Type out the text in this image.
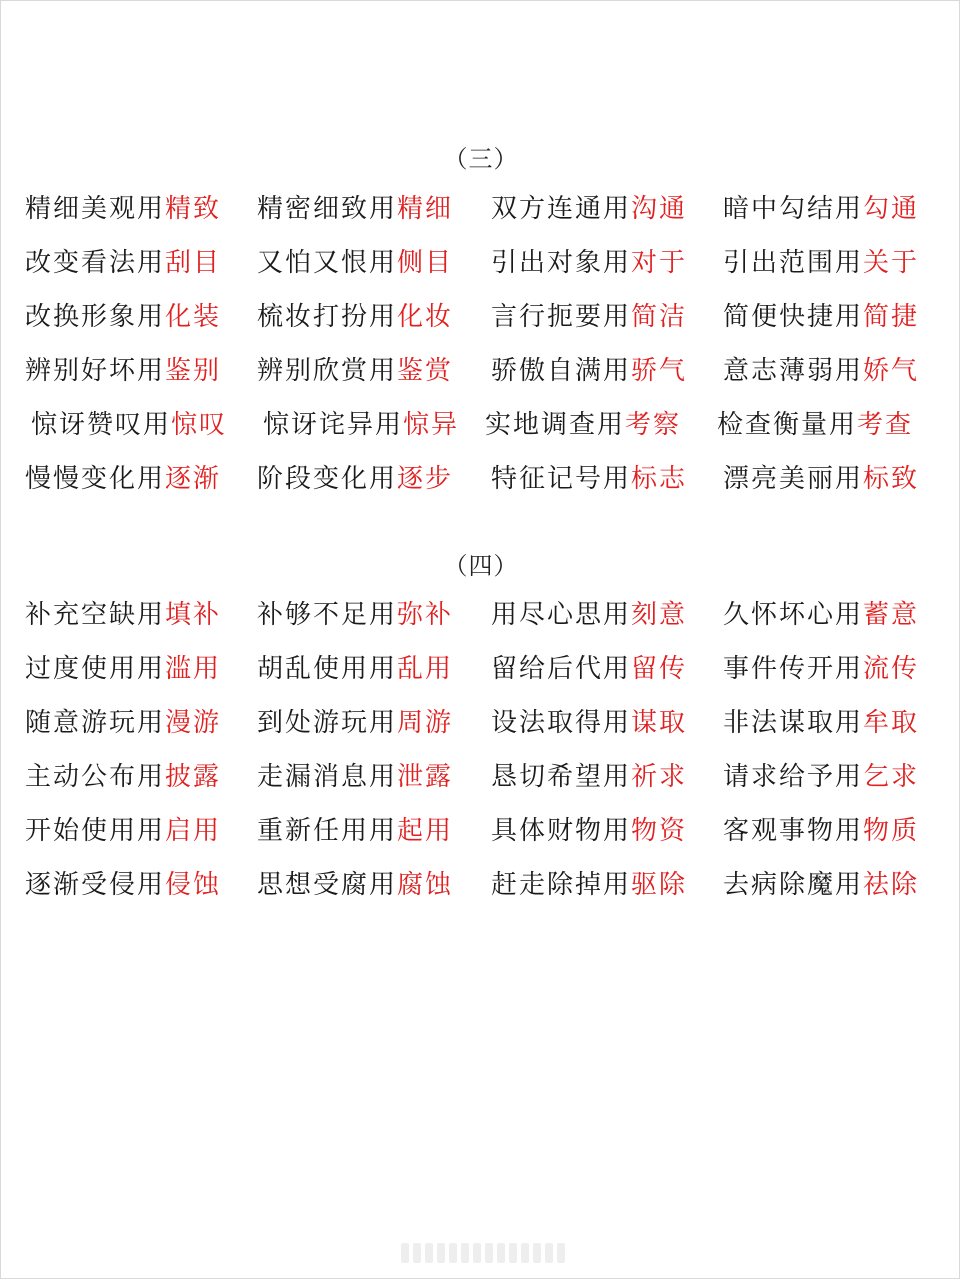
（三）
精细美观用精致 精密细致用精细 双方连通用沟通 暗中勾结用勾通
改变看法用刮目 又怕又恨用侧目 引出对象用对于 引出范围用关于
改换形象用化装 梳妆打扮用化妆 言行扼要用简洁 简便快捷用简捷
辨别好坏用鉴别 辨别欣赏用鉴赏 骄傲自满用骄气 意志薄弱用娇气
惊讶赞叹用惊叹 惊讶诧异用惊异 实地调查用考察 检查衡量用考查
慢慢变化用逐渐 阶段变化用逐步 特征记号用标志 漂亮美丽用标致
（四）
补充空缺用填补 补够不足用弥补 用尽心思用刻意 久怀坏心用蓄意
过度使用用滥用 胡乱使用用乱用 留给后代用留传 事件传开用流传
随意游玩用漫游 到处游玩用周游 设法取得用谋取 非法谋取用牟取
主动公布用披露 走漏消息用泄露 恳切希望用祈求 请求给予用乞求
开始使用用启用 重新任用用起用 具体财物用物资 客观事物用物质
逐渐受侵用侵蚀 思想受腐用腐蚀 赶走除掉用驱除 去病除魔用祛除
